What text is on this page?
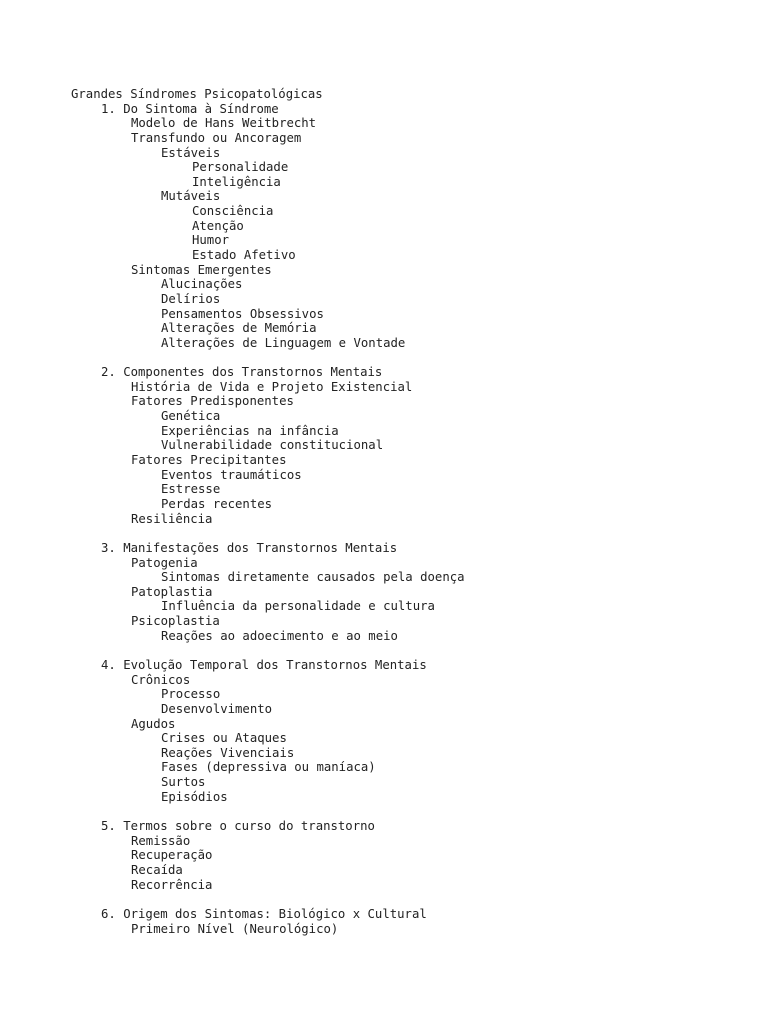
Grandes Síndromes Psicopatológicas
1. Do Sintoma à Síndrome
Modelo de Hans Weitbrecht
Transfundo ou Ancoragem
Estáveis
Personalidade
Inteligência
Mutáveis
Consciência
Atenção
Humor
Estado Afetivo
Sintomas Emergentes
Alucinações
Delírios
Pensamentos Obsessivos
Alterações de Memória
Alterações de Linguagem e Vontade
2. Componentes dos Transtornos Mentais
História de Vida e Projeto Existencial
Fatores Predisponentes
Genética
Experiências na infância
Vulnerabilidade constitucional
Fatores Precipitantes
Eventos traumáticos
Estresse
Perdas recentes
Resiliência
3. Manifestações dos Transtornos Mentais
Patogenia
Sintomas diretamente causados pela doença
Patoplastia
Influência da personalidade e cultura
Psicoplastia
Reações ao adoecimento e ao meio
4. Evolução Temporal dos Transtornos Mentais
Crônicos
Processo
Desenvolvimento
Agudos
Crises ou Ataques
Reações Vivenciais
Fases (depressiva ou maníaca)
Surtos
Episódios
5. Termos sobre o curso do transtorno
Remissão
Recuperação
Recaída
Recorrência
6. Origem dos Sintomas: Biológico x Cultural
Primeiro Nível (Neurológico)
